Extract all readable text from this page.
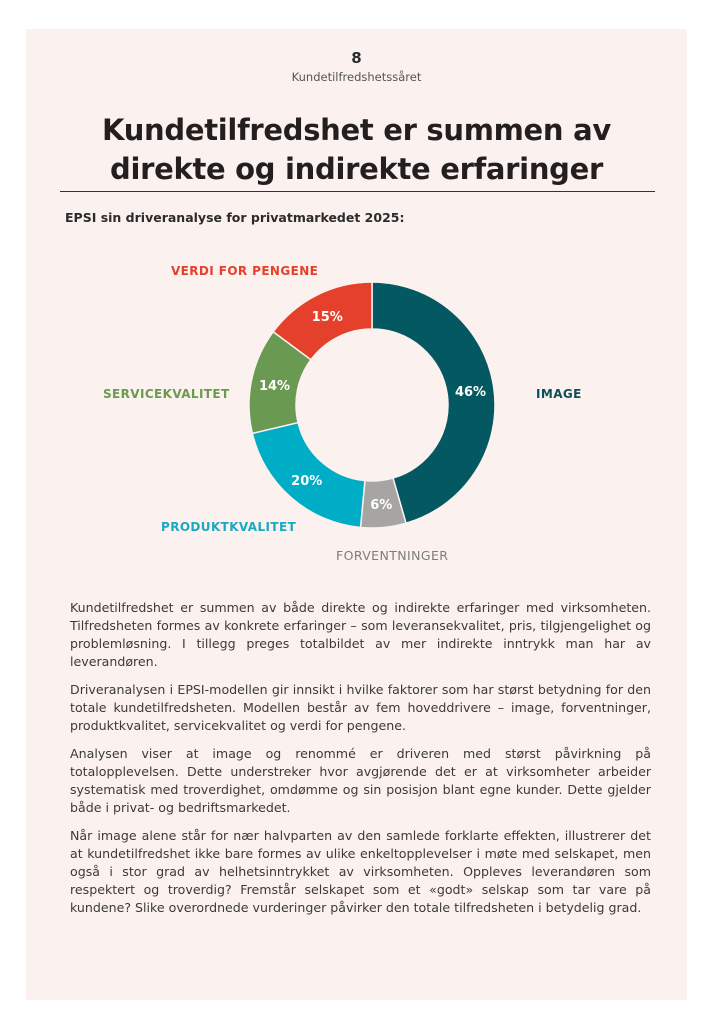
8
Kundetilfredshetssåret
Kundetilfredshet er summen av
direkte og indirekte erfaringer
EPSI sin driveranalyse for privatmarkedet 2025:
46%
6%
20%
14%
15%
IMAGE
FORVENTNINGER
PRODUKTKVALITET
SERVICEKVALITET
VERDI FOR PENGENE

Kundetilfredshet er summen av både direkte og indirekte erfaringer med virksomheten. Tilfredsheten formes av konkrete erfaringer – som leveransekvalitet, pris, tilgjengelighet og problemløsning. I tillegg preges totalbildet av mer indirekte inntrykk man har av leverandøren.

Driveranalysen i EPSI-modellen gir innsikt i hvilke faktorer som har størst betydning for den totale kundetilfredsheten. Modellen består av fem hoveddrivere – image, forventninger, produktkvalitet, servicekvalitet og verdi for pengene.

Analysen viser at image og renommé er driveren med størst påvirkning på totalopplevelsen. Dette understreker hvor avgjørende det er at virksomheter arbeider systematisk med troverdighet, omdømme og sin posisjon blant egne kunder. Dette gjelder både i privat- og bedriftsmarkedet.

Når image alene står for nær halvparten av den samlede forklarte effekten, illustrerer det at kundetilfredshet ikke bare formes av ulike enkeltopplevelser i møte med selskapet, men også i stor grad av helhetsinntrykket av virksomheten. Oppleves leverandøren som respektert og troverdig? Fremstår selskapet som et «godt» selskap som tar vare på kundene? Slike overordnede vurderinger påvirker den totale tilfredsheten i betydelig grad.
